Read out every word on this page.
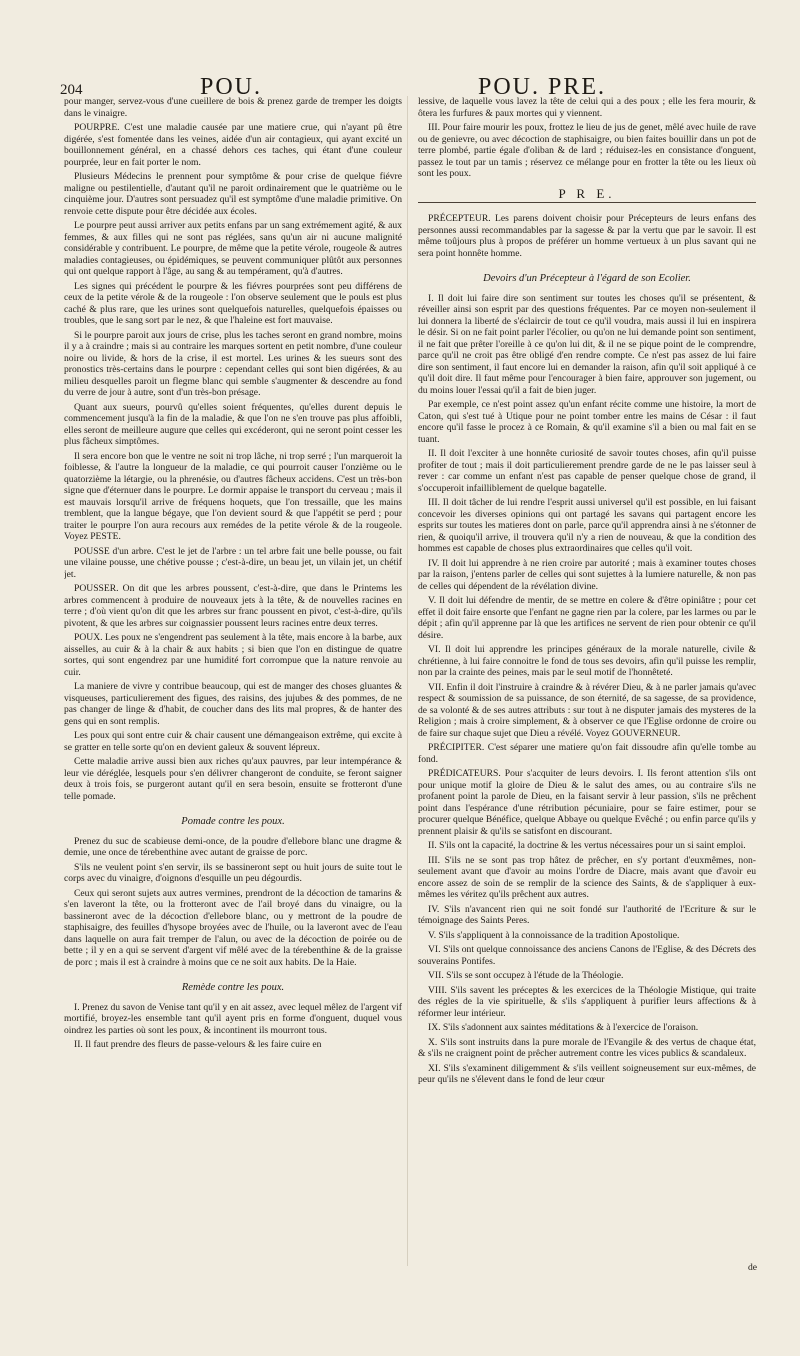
204	POU.	POU. PRE.

pour manger, servez-vous d'une cueillere de bois & prenez garde de tremper les doigts dans le vinaigre.

POURPRE. C'est une maladie causée par une matiere crue, qui n'ayant pû être digérée, s'est fomentée dans les veines, aidée d'un air contagieux, qui ayant excité un bouillonnement général, en a chassé dehors ces taches, qui étant d'une couleur pourprée, leur en fait porter le nom.

Plusieurs Médecins le prennent pour symptôme & pour crise de quelque fiévre maligne ou pestilentielle, d'autant qu'il ne paroit ordinairement que le quatrième ou le cinquième jour. D'autres sont persuadez qu'il est symptôme d'une maladie primitive. On renvoie cette dispute pour être décidée aux écoles.

Le pourpre peut aussi arriver aux petits enfans par un sang extrémement agité, & aux femmes, & aux filles qui ne sont pas réglées, sans qu'un air ni aucune malignité considérable y contribuent. Le pourpre, de même que la petite vérole, rougeole & autres maladies contagieuses, ou épidémiques, se peuvent communiquer plûtôt aux personnes qui ont quelque rapport à l'âge, au sang & au tempérament, qu'à d'autres.

Les signes qui précédent le pourpre & les fiévres pourprées sont peu différens de ceux de la petite vérole & de la rougeole : l'on observe seulement que le pouls est plus caché & plus rare, que les urines sont quelquefois naturelles, quelquefois épaisses ou troubles, que le sang sort par le nez, & que l'haleine est fort mauvaise.

Si le pourpre paroit aux jours de crise, plus les taches seront en grand nombre, moins il y a à craindre ; mais si au contraire les marques sortent en petit nombre, d'une couleur noire ou livide, & hors de la crise, il est mortel. Les urines & les sueurs sont des pronostics très-certains dans le pourpre : cependant celles qui sont bien digérées, & au milieu desquelles paroit un flegme blanc qui semble s'augmenter & descendre au fond du verre de jour à autre, sont d'un très-bon présage.

Quant aux sueurs, pourvû qu'elles soient fréquentes, qu'elles durent depuis le commencement jusqu'à la fin de la maladie, & que l'on ne s'en trouve pas plus affoibli, elles seront de meilleure augure que celles qui excéderont, qui ne seront point cesser les plus fâcheux simptômes.

Il sera encore bon que le ventre ne soit ni trop lâche, ni trop serré ; l'un marqueroit la foiblesse, & l'autre la longueur de la maladie, ce qui pourroit causer l'onzième ou le quatorzième la létargie, ou la phrenésie, ou d'autres fâcheux accidens. C'est un très-bon signe que d'éternuer dans le pourpre. Le dormir appaise le transport du cerveau ; mais il est mauvais lorsqu'il arrive de fréquens hoquets, que l'on tressaille, que les mains tremblent, que la langue bégaye, que l'on devient sourd & que l'appétit se perd ; pour traiter le pourpre l'on aura recours aux remédes de la petite vérole & de la rougeole. Voyez PESTE.

POUSSE d'un arbre. C'est le jet de l'arbre : un tel arbre fait une belle pousse, ou fait une vilaine pousse, une chétive pousse ; c'est-à-dire, un beau jet, un vilain jet, un chétif jet.

POUSSER. On dit que les arbres poussent, c'est-à-dire, que dans le Printems les arbres commencent à produire de nouveaux jets à la tête, & de nouvelles racines en terre ; d'où vient qu'on dit que les arbres sur franc poussent en pivot, c'est-à-dire, qu'ils pivotent, & que les arbres sur coignassier poussent leurs racines entre deux terres.

POUX. Les poux ne s'engendrent pas seulement à la tête, mais encore à la barbe, aux aisselles, au cuir & à la chair & aux habits ; si bien que l'on en distingue de quatre sortes, qui sont engendrez par une humidité fort corrompue que la nature renvoie au cuir.

La maniere de vivre y contribue beaucoup, qui est de manger des choses gluantes & visqueuses, particulierement des figues, des raisins, des jujubes & des pommes, de ne pas changer de linge & d'habit, de coucher dans des lits mal propres, & de hanter des gens qui en sont remplis.

Les poux qui sont entre cuir & chair causent une démangeaison extrême, qui excite à se gratter en telle sorte qu'on en devient galeux & souvent lépreux.

Cette maladie arrive aussi bien aux riches qu'aux pauvres, par leur intempérance & leur vie déréglée, lesquels pour s'en délivrer changeront de conduite, se feront saigner deux à trois fois, se purgeront autant qu'il en sera besoin, ensuite se frotteront d'une telle pomade.

Pomade contre les poux.

Prenez du suc de scabieuse demi-once, de la poudre d'ellebore blanc une dragme & demie, une once de térebenthine avec autant de graisse de porc.

S'ils ne veulent point s'en servir, ils se bassineront sept ou huit jours de suite tout le corps avec du vinaigre, d'oignons d'esquille un peu dégourdis.

Ceux qui seront sujets aux autres vermines, prendront de la décoction de tamarins & s'en laveront la tête, ou la frotteront avec de l'ail broyé dans du vinaigre, ou la bassineront avec de la décoction d'ellebore blanc, ou y mettront de la poudre de staphisaigre, des feuilles d'hysope broyées avec de l'huile, ou la laveront avec de l'eau dans laquelle on aura fait tremper de l'alun, ou avec de la décoction de poirée ou de bette ; il y en a qui se servent d'argent vif mêlé avec de la térebenthine & de la graisse de porc ; mais il est à craindre à moins que ce ne soit aux habits. De la Haie.

Remède contre les poux.

I. Prenez du savon de Venise tant qu'il y en ait assez, avec lequel mêlez de l'argent vif mortifié, broyez-les ensemble tant qu'il ayent pris en forme d'onguent, duquel vous oindrez les parties où sont les poux, & incontinent ils mourront tous.

II. Il faut prendre des fleurs de passe-velours & les faire cuire en

lessive, de laquelle vous lavez la tête de celui qui a des poux ; elle les fera mourir, & ôtera les furfures & paux mortes qui y viennent.

III. Pour faire mourir les poux, frottez le lieu de jus de genet, mêlé avec huile de rave ou de genievre, ou avec décoction de staphisaigre, ou bien faites bouillir dans un pot de terre plombé, partie égale d'oliban & de lard ; réduisez-les en consistance d'onguent, passez le tout par un tamis ; réservez ce mélange pour en frotter la tête ou les lieux où sont les poux.

P R E.

PRÉCEPTEUR. Les parens doivent choisir pour Précepteurs de leurs enfans des personnes aussi recommandables par la sagesse & par la vertu que par le savoir. Il est même toûjours plus à propos de préférer un homme vertueux à un plus savant qui ne sera point honnête homme.

Devoirs d'un Précepteur à l'égard de son Ecolier.

I. Il doit lui faire dire son sentiment sur toutes les choses qu'il se présentent, & réveiller ainsi son esprit par des questions fréquentes. Par ce moyen non-seulement il lui donnera la liberté de s'éclaircir de tout ce qu'il voudra, mais aussi il lui en inspirera le désir. Si on ne fait point parler l'écolier, ou qu'on ne lui demande point son sentiment, il ne fait que prêter l'oreille à ce qu'on lui dit, & il ne se pique point de le comprendre, parce qu'il ne croit pas être obligé d'en rendre compte. Ce n'est pas assez de lui faire dire son sentiment, il faut encore lui en demander la raison, afin qu'il soit appliqué à ce qu'il doit dire. Il faut même pour l'encourager à bien faire, approuver son jugement, ou du moins louer l'essai qu'il a fait de bien juger.

Par exemple, ce n'est point assez qu'un enfant récite comme une histoire, la mort de Caton, qui s'est tué à Utique pour ne point tomber entre les mains de César : il faut encore qu'il fasse le procez à ce Romain, & qu'il examine s'il a bien ou mal fait en se tuant.

II. Il doit l'exciter à une honnête curiosité de savoir toutes choses, afin qu'il puisse profiter de tout ; mais il doit particulierement prendre garde de ne le pas laisser seul à rever : car comme un enfant n'est pas capable de penser quelque chose de grand, il s'occuperoit infailliblement de quelque bagatelle.

III. Il doit tâcher de lui rendre l'esprit aussi universel qu'il est possible, en lui faisant concevoir les diverses opinions qui ont partagé les savans qui partagent encore les esprits sur toutes les matieres dont on parle, parce qu'il apprendra ainsi à ne s'étonner de rien, & quoiqu'il arrive, il trouvera qu'il n'y a rien de nouveau, & que la condition des hommes est capable de choses plus extraordinaires que celles qu'il voit.

IV. Il doit lui apprendre à ne rien croire par autorité ; mais à examiner toutes choses par la raison, j'entens parler de celles qui sont sujettes à la lumiere naturelle, & non pas de celles qui dépendent de la révélation divine.

V. Il doit lui défendre de mentir, de se mettre en colere & d'être opiniâtre ; pour cet effet il doit faire ensorte que l'enfant ne gagne rien par la colere, par les larmes ou par le dépit ; afin qu'il apprenne par là que les artifices ne servent de rien pour obtenir ce qu'il désire.

VI. Il doit lui apprendre les principes généraux de la morale naturelle, civile & chrétienne, à lui faire connoitre le fond de tous ses devoirs, afin qu'il puisse les remplir, non par la crainte des peines, mais par le seul motif de l'honnêteté.

VII. Enfin il doit l'instruire à craindre & à révérer Dieu, & à ne parler jamais qu'avec respect & soumission de sa puissance, de son éternité, de sa sagesse, de sa providence, de sa volonté & de ses autres attributs : sur tout à ne disputer jamais des mysteres de la Religion ; mais à croire simplement, & à observer ce que l'Eglise ordonne de croire ou de faire sur chaque sujet que Dieu a révélé. Voyez GOUVERNEUR.

PRÉCIPITER. C'est séparer une matiere qu'on fait dissoudre afin qu'elle tombe au fond.

PRÉDICATEURS. Pour s'acquiter de leurs devoirs. I. Ils feront attention s'ils ont pour unique motif la gloire de Dieu & le salut des ames, ou au contraire s'ils ne profanent point la parole de Dieu, en la faisant servir à leur passion, s'ils ne prêchent point dans l'espérance d'une rétribution pécuniaire, pour se faire estimer, pour se procurer quelque Bénéfice, quelque Abbaye ou quelque Evêché ; ou enfin parce qu'ils y prennent plaisir & qu'ils se satisfont en discourant.

II. S'ils ont la capacité, la doctrine & les vertus nécessaires pour un si saint emploi.

III. S'ils ne se sont pas trop hâtez de prêcher, en s'y portant d'euxmêmes, non-seulement avant que d'avoir au moins l'ordre de Diacre, mais avant que d'avoir eu encore assez de soin de se remplir de la science des Saints, & de s'appliquer à eux-mêmes les véritez qu'ils prêchent aux autres.

IV. S'ils n'avancent rien qui ne soit fondé sur l'authorité de l'Ecriture & sur le témoignage des Saints Peres.

V. S'ils s'appliquent à la connoissance de la tradition Apostolique.

VI. S'ils ont quelque connoissance des anciens Canons de l'Eglise, & des Décrets des souverains Pontifes.

VII. S'ils se sont occupez à l'étude de la Théologie.

VIII. S'ils savent les préceptes & les exercices de la Théologie Mistique, qui traite des régles de la vie spirituelle, & s'ils s'appliquent à purifier leurs affections & à réformer leur intérieur.

IX. S'ils s'adonnent aux saintes méditations & à l'exercice de l'oraison.

X. S'ils sont instruits dans la pure morale de l'Evangile & des vertus de chaque état, & s'ils ne craignent point de prêcher autrement contre les vices publics & scandaleux.

XI. S'ils s'examinent diligemment & s'ils veillent soigneusement sur eux-mêmes, de peur qu'ils ne s'élevent dans le fond de leur cœur

de
